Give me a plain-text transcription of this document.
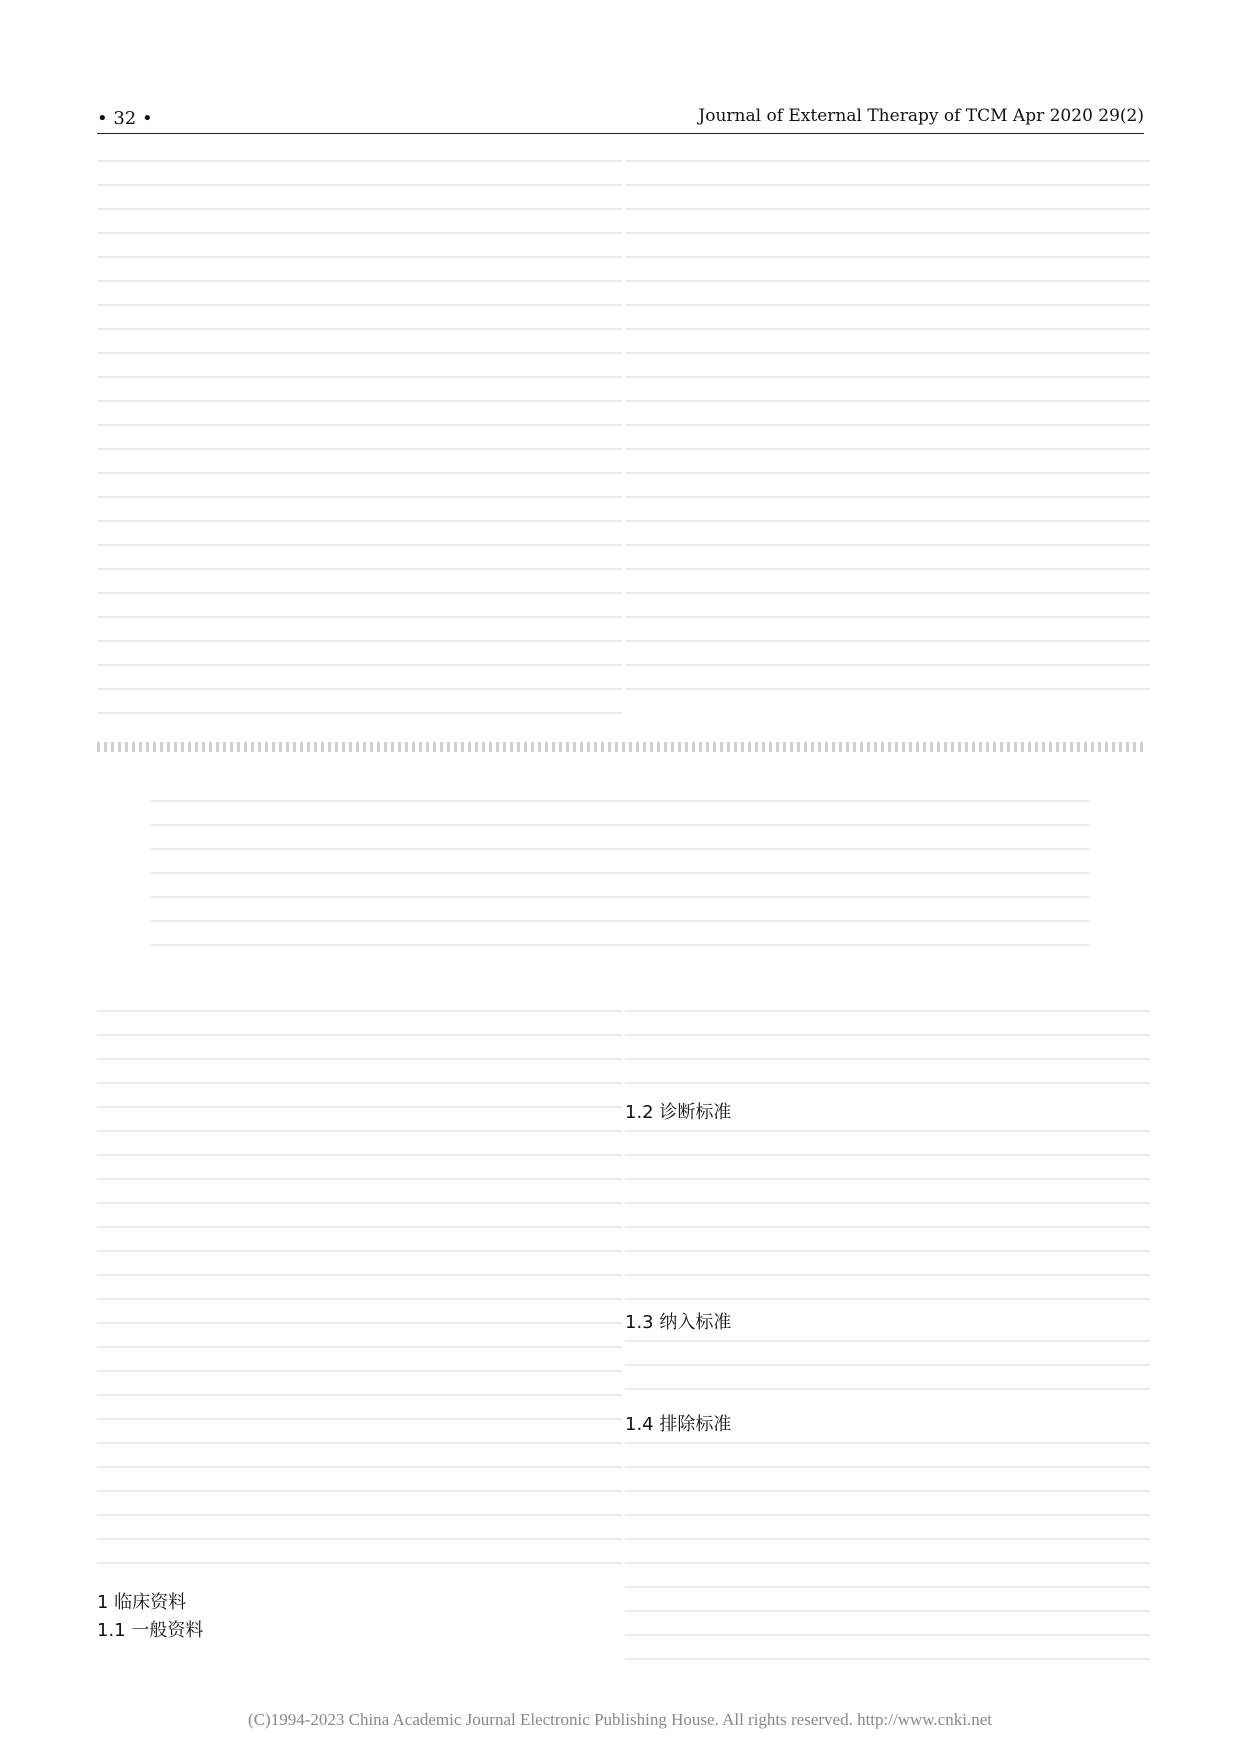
• 32 •	Journal of External Therapy of TCM Apr 2020 29(2)
1 临床资料
1.1 一般资料
1.2 诊断标准
1.3 纳入标准
1.4 排除标准
(C)1994-2023 China Academic Journal Electronic Publishing House. All rights reserved. http://www.cnki.net
